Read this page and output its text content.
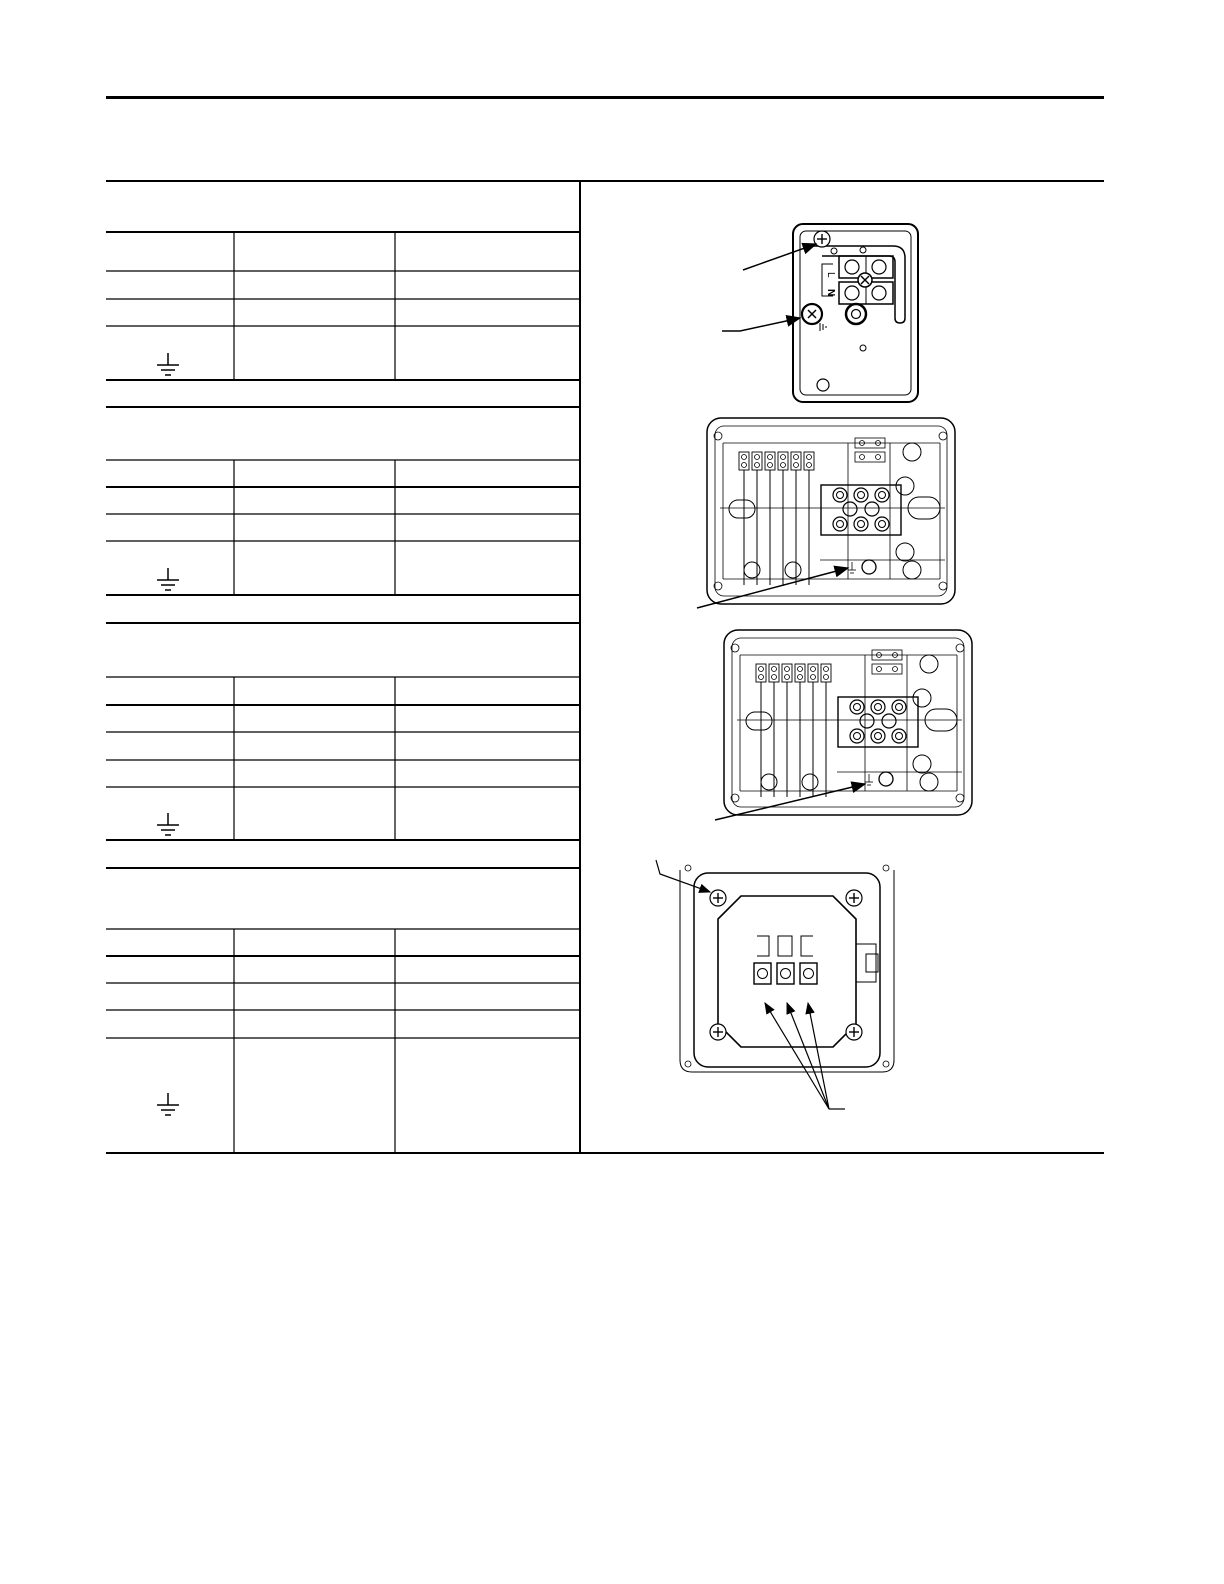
L
N
